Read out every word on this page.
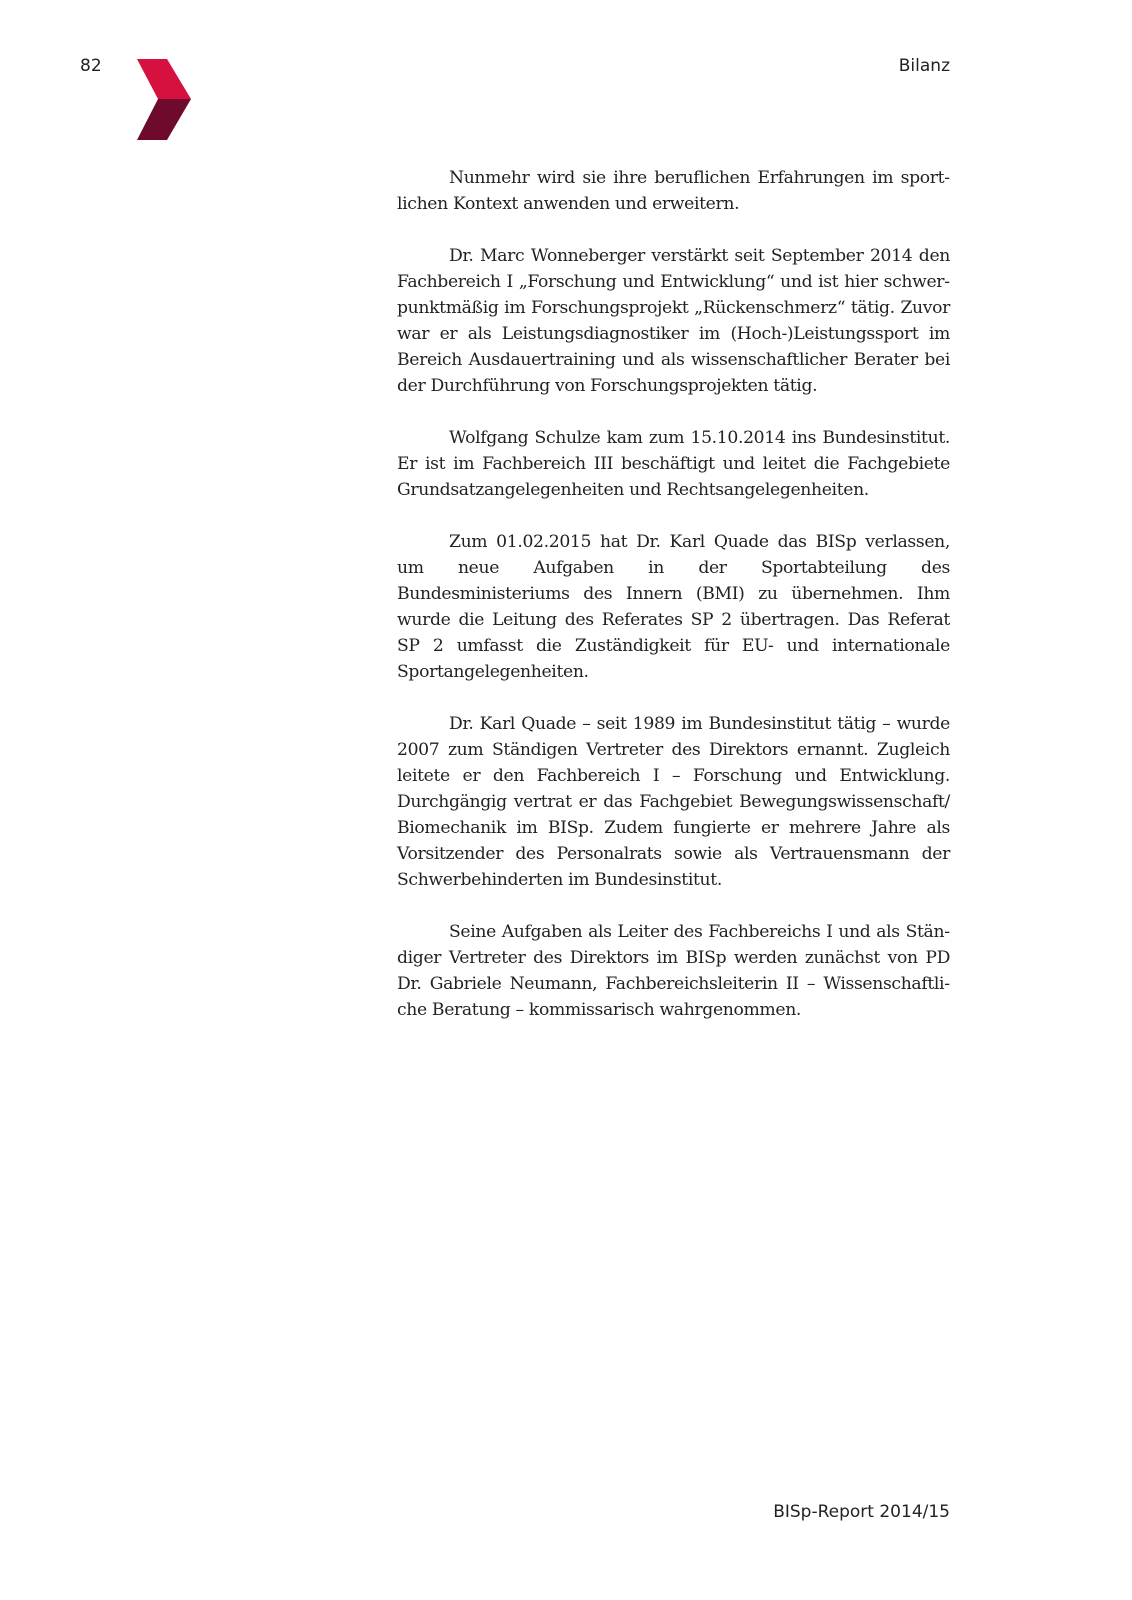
82	Bilanz

Nunmehr wird sie ihre beruflichen Erfahrungen im sportlichen Kontext anwenden und erweitern.

Dr. Marc Wonneberger verstärkt seit September 2014 den Fachbereich I „Forschung und Entwicklung“ und ist hier schwerpunktmäßig im Forschungsprojekt „Rückenschmerz“ tätig. Zuvor war er als Leistungsdiagnostiker im (Hoch-)Leistungssport im Bereich Ausdauertraining und als wissenschaftlicher Berater bei der Durchführung von Forschungsprojekten tätig.

Wolfgang Schulze kam zum 15.10.2014 ins Bundesinstitut. Er ist im Fachbereich III beschäftigt und leitet die Fachgebiete Grundsatzangelegenheiten und Rechtsangelegenheiten.

Zum 01.02.2015 hat Dr. Karl Quade das BISp verlassen, um neue Aufgaben in der Sportabteilung des Bundesministeriums des Innern (BMI) zu übernehmen. Ihm wurde die Leitung des Referates SP 2 übertragen. Das Referat SP 2 umfasst die Zuständigkeit für EU- und internationale Sportangelegenheiten.

Dr. Karl Quade – seit 1989 im Bundesinstitut tätig – wurde 2007 zum Ständigen Vertreter des Direktors ernannt. Zugleich leitete er den Fachbereich I – Forschung und Entwicklung. Durchgängig vertrat er das Fachgebiet Bewegungswissenschaft/ Biomechanik im BISp. Zudem fungierte er mehrere Jahre als Vorsitzender des Personalrats sowie als Vertrauensmann der Schwerbehinderten im Bundesinstitut.

Seine Aufgaben als Leiter des Fachbereichs I und als Ständiger Vertreter des Direktors im BISp werden zunächst von PD Dr. Gabriele Neumann, Fachbereichsleiterin II – Wissenschaftliche Beratung – kommissarisch wahrgenommen.

BISp-Report 2014/15
